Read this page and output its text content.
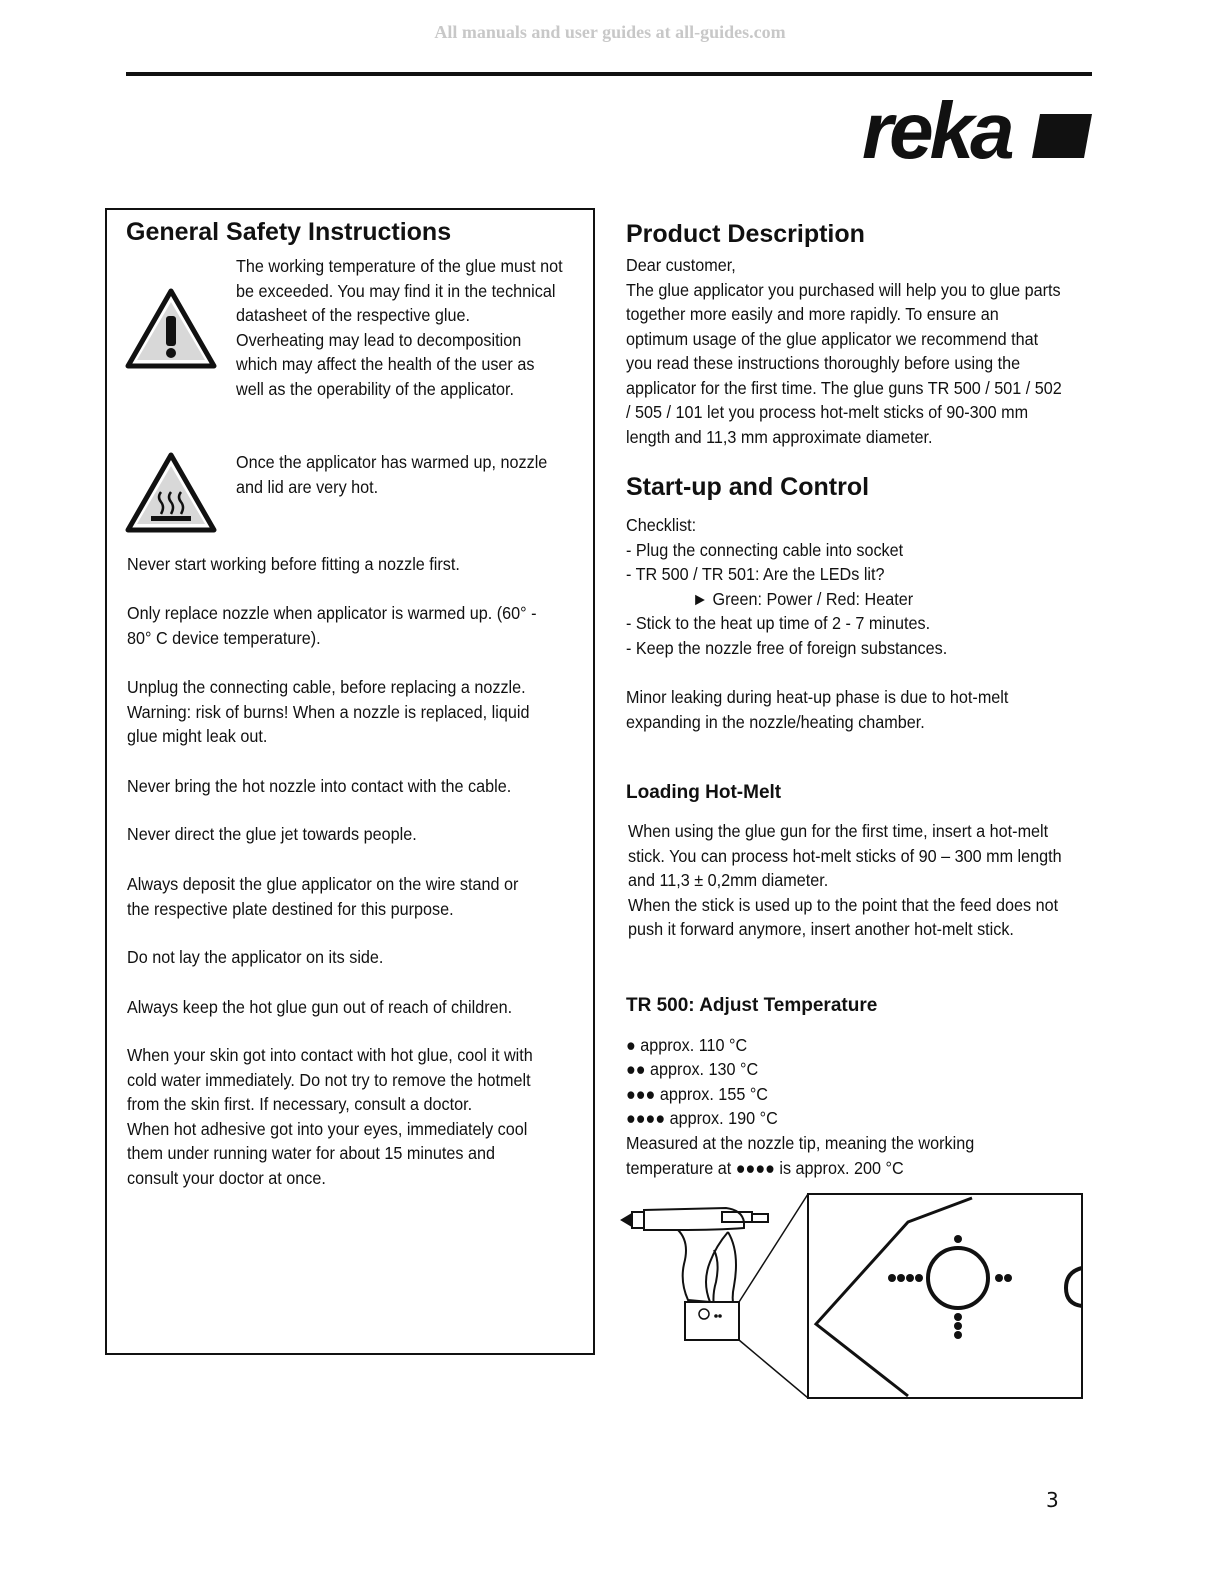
All manuals and user guides at all-guides.com
reka
General Safety Instructions

The working temperature of the glue must not
be exceeded. You may find it in the technical
datasheet of the respective glue.
Overheating may lead to decomposition
which may affect the health of the user as
well as the operability of the applicator.

Once the applicator has warmed up, nozzle
and lid are very hot.

Never start working before fitting a nozzle first.

Only replace nozzle when applicator is warmed up. (60° -
80° C device temperature).

Unplug the connecting cable, before replacing a nozzle.
Warning: risk of burns! When a nozzle is replaced, liquid
glue might leak out.

Never bring the hot nozzle into contact with the cable.

Never direct the glue jet towards people.

Always deposit the glue applicator on the wire stand or
the respective plate destined for this purpose.

Do not lay the applicator on its side.

Always keep the hot glue gun out of reach of children.

When your skin got into contact with hot glue, cool it with
cold water immediately. Do not try to remove the hotmelt
from the skin first. If necessary, consult a doctor.
When hot adhesive got into your eyes, immediately cool
them under running water for about 15 minutes and
consult your doctor at once.

Product Description

Dear customer,
The glue applicator you purchased will help you to glue parts
together more easily and more rapidly. To ensure an
optimum usage of the glue applicator we recommend that
you read these instructions thoroughly before using the
applicator for the first time. The glue guns TR 500 / 501 / 502
/ 505 / 101 let you process hot-melt sticks of 90-300 mm
length and 11,3 mm approximate diameter.

Start-up and Control

Checklist:
- Plug the connecting cable into socket
- TR 500 / TR 501: Are the LEDs lit?

► Green: Power / Red: Heater

- Stick to the heat up time of 2 - 7 minutes.
- Keep the nozzle free of foreign substances.

Minor leaking during heat-up phase is due to hot-melt
expanding in the nozzle/heating chamber.

Loading Hot-Melt

When using the glue gun for the first time, insert a hot-melt
stick. You can process hot-melt sticks of 90 – 300 mm length
and 11,3 ± 0,2mm diameter.
When the stick is used up to the point that the feed does not
push it forward anymore, insert another hot-melt stick.

TR 500: Adjust Temperature

● approx. 110 °C

●● approx. 130 °C

●●● approx. 155 °C

●●●● approx. 190 °C

Measured at the nozzle tip, meaning the working
temperature at ●●●● is approx. 200 °C

3
